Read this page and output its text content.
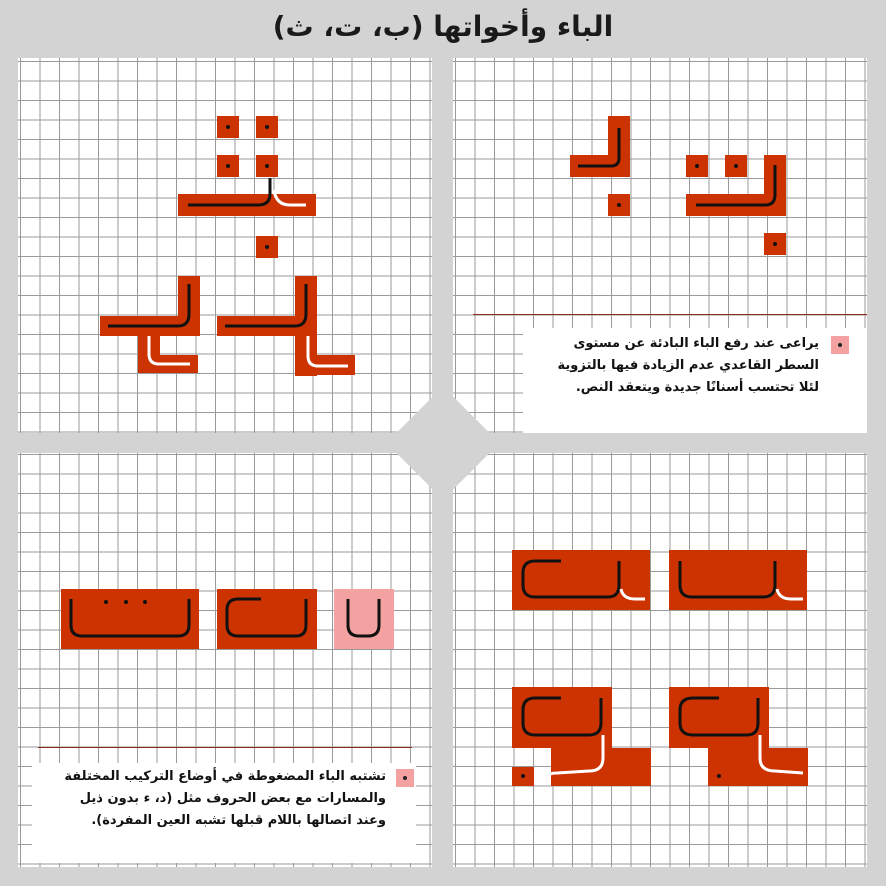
الباء وأخواتها (ب، ت، ث)
يراعى عند رفع الباء البادئة عن مستوى السطر القاعدي عدم الزيادة فيها بالتزوية لئلا تحتسب أسنانًا جديدة ويتعقد النص.
تشتبه الباء المضغوطة في أوضاع التركيب المختلفة والمسارات مع بعض الحروف مثل (د، ء بدون ذيل وعند اتصالها باللام قبلها تشبه العين المفردة).
